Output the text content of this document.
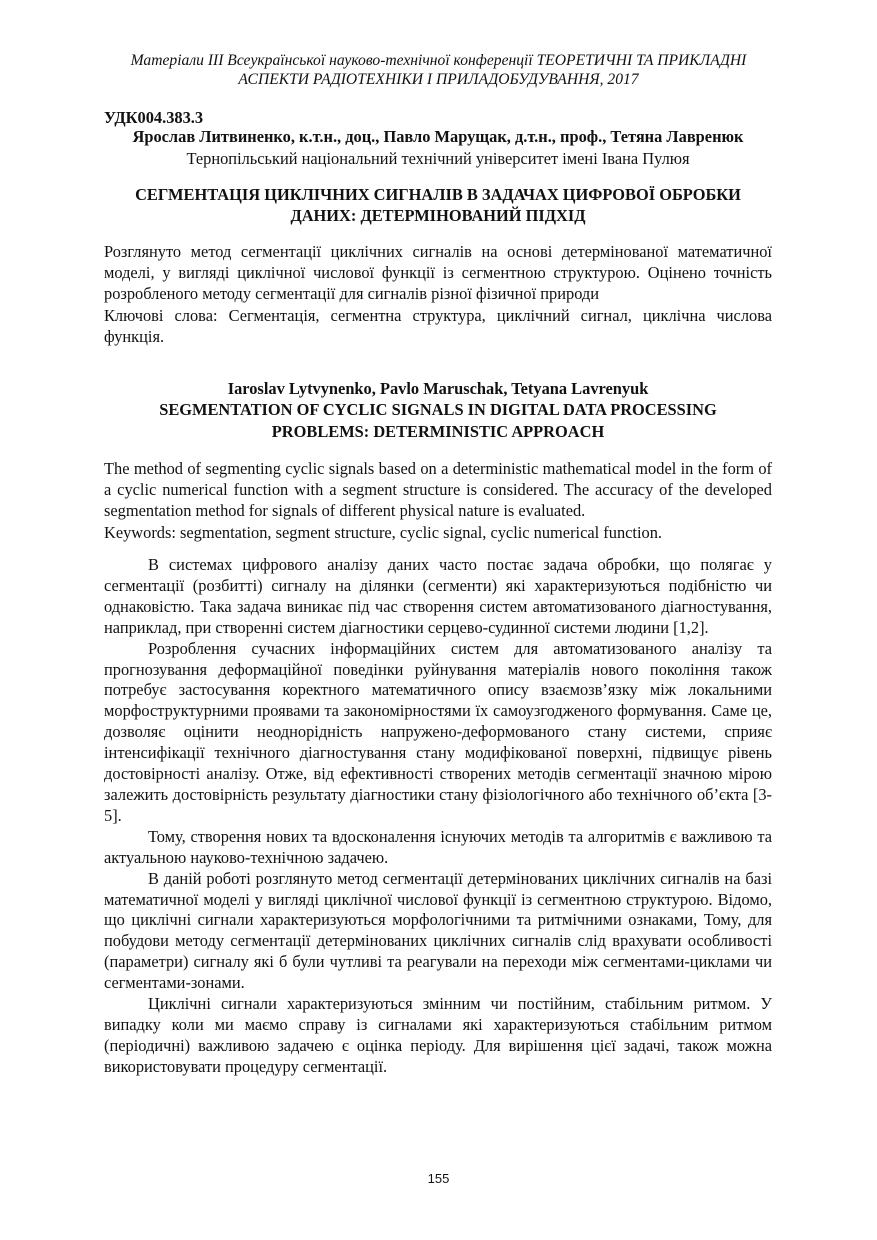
Матеріали III Всеукраїнської науково-технічної конференції ТЕОРЕТИЧНІ ТА ПРИКЛАДНІ
АСПЕКТИ РАДІОТЕХНІКИ І ПРИЛАДОБУДУВАННЯ, 2017
УДК004.383.3
Ярослав Литвиненко, к.т.н., доц., Павло Марущак, д.т.н., проф., Тетяна Лавренюк
Тернопільський національний технічний університет імені Івана Пулюя
СЕГМЕНТАЦІЯ ЦИКЛІЧНИХ СИГНАЛІВ В ЗАДАЧАХ ЦИФРОВОЇ ОБРОБКИ
ДАНИХ: ДЕТЕРМІНОВАНИЙ ПІДХІД

Розглянуто метод сегментації циклічних сигналів на основі детермінованої математичної моделі, у вигляді циклічної числової функції із сегментною структурою. Оцінено точність розробленого методу сегментації для сигналів різної фізичної природи

Ключові слова: Сегментація, сегментна структура, циклічний сигнал, циклічна числова функція.

Iaroslav Lytvynenko, Pavlo Maruschak, Tetyana Lavrenyuk
SEGMENTATION OF CYCLIC SIGNALS IN DIGITAL DATA PROCESSING
PROBLEMS: DETERMINISTIC APPROACH

The method of segmenting cyclic signals based on a deterministic mathematical model in the form of a cyclic numerical function with a segment structure is considered. The accuracy of the developed segmentation method for signals of different physical nature is evaluated.

Keywords: segmentation, segment structure, cyclic signal, cyclic numerical function.

В системах цифрового аналізу даних часто постає задача обробки, що полягає у сегментації (розбитті) сигналу на ділянки (сегменти) які характеризуються подібністю чи однаковістю. Така задача виникає під час створення систем автоматизованого діагностування, наприклад, при створенні систем діагностики серцево-судинної системи людини [1,2].

Розроблення сучасних інформаційних систем для автоматизованого аналізу та прогнозування деформаційної поведінки руйнування матеріалів нового покоління також потребує застосування коректного математичного опису взаємозв’язку між локальними морфоструктурними проявами та закономірностями їх самоузгодженого формування. Саме це, дозволяє оцінити неоднорідність напружено-деформованого стану системи, сприяє інтенсифікації технічного діагностування стану модифікованої поверхні, підвищує рівень достовірності аналізу. Отже, від ефективності створених методів сегментації значною мірою залежить достовірність результату діагностики стану фізіологічного або технічного об’єкта [3-5].

Тому, створення нових та вдосконалення існуючих методів та алгоритмів є важливою та актуальною науково-технічною задачею.

В даній роботі розглянуто метод сегментації детермінованих циклічних сигналів на базі математичної моделі у вигляді циклічної числової функції із сегментною структурою. Відомо, що циклічні сигнали характеризуються морфологічними та ритмічними ознаками, Тому, для побудови методу сегментації детермінованих циклічних сигналів слід врахувати особливості (параметри) сигналу які б були чутливі та реагували на переходи між сегментами-циклами чи сегментами-зонами.

Циклічні сигнали характеризуються змінним чи постійним, стабільним ритмом. У випадку коли ми маємо справу із сигналами які характеризуються стабільним ритмом (періодичні) важливою задачею є оцінка періоду. Для вирішення цієї задачі, також можна використовувати процедуру сегментації.

155
